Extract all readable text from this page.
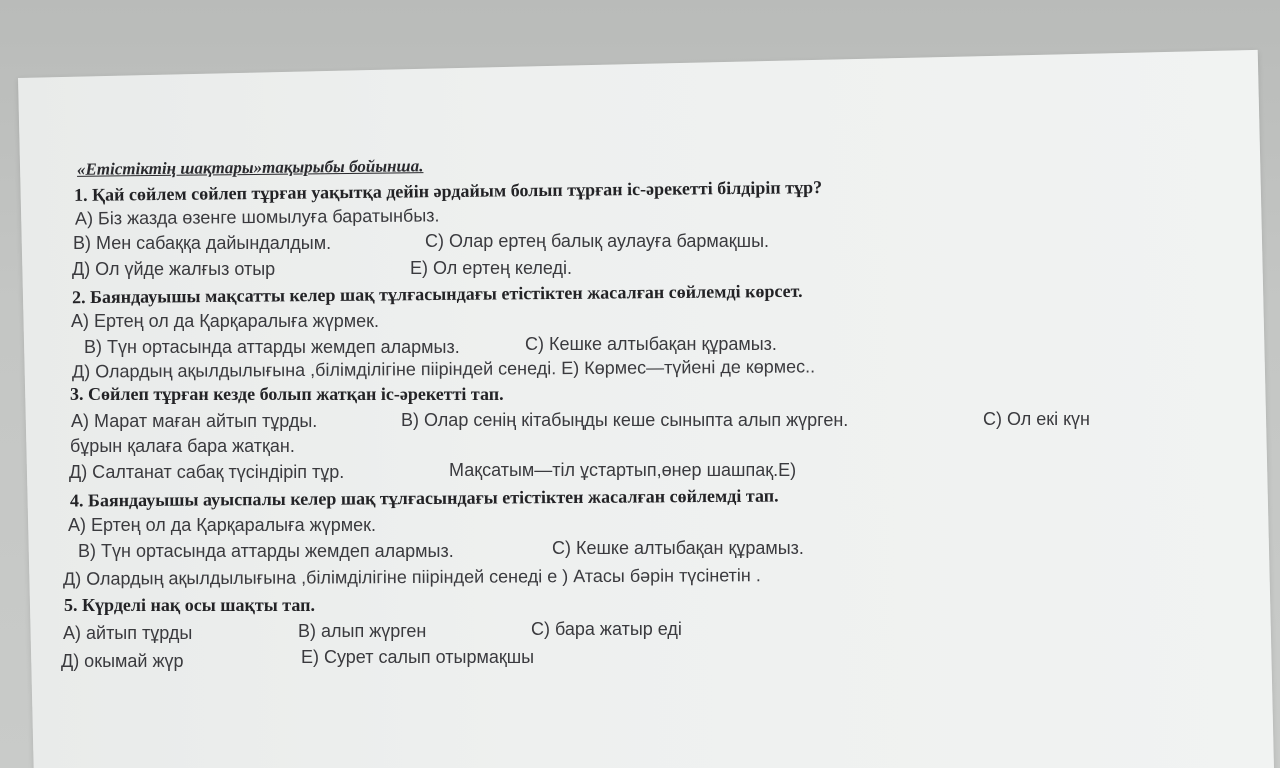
«Етістіктің шақтары»тақырыбы бойынша.
1. Қай сөйлем сөйлеп тұрған уақытқа дейін әрдайым болып тұрған іс-әрекетті білдіріп тұр?
А) Біз жазда өзенге шомылуға баратынбыз.
В) Мен сабаққа дайындалдым.	С) Олар ертең балық аулауға бармақшы.
Д) Ол үйде жалғыз отыр	Е) Ол ертең келеді.
2. Баяндауышы мақсатты келер шақ тұлғасындағы етістіктен жасалған сөйлемді көрсет.
А) Ертең ол да Қарқаралыға жүрмек.
В) Түн ортасында аттарды жемдеп алармыз.	С) Кешке алтыбақан құрамыз.
Д) Олардың ақылдылығына ,білімділігіне пііріндей сенеді. Е) Көрмес—түйені де көрмес..
3. Сөйлеп тұрған кезде болып жатқан іс-әрекетті тап.
А) Марат маған айтып тұрды.	В) Олар сенің кітабыңды кеше сыныпта алып жүрген.	С) Ол екі күн
бұрын қалаға бара жатқан.
Д) Салтанат сабақ түсіндіріп тұр.	Мақсатым—тіл ұстартып,өнер шашпақ.Е)
4. Баяндауышы ауыспалы келер шақ тұлғасындағы етістіктен жасалған сөйлемді тап.
А) Ертең ол да Қарқаралыға жүрмек.
В) Түн ортасында аттарды жемдеп алармыз.	С) Кешке алтыбақан құрамыз.
Д) Олардың ақылдылығына ,білімділігіне пііріндей сенеді е ) Атасы бәрін түсінетін .
5. Күрделі нақ осы шақты тап.
А) айтып тұрды	В) алып жүрген	С) бара жатыр еді
Д) окымай жүр	Е) Сурет салып отырмақшы
